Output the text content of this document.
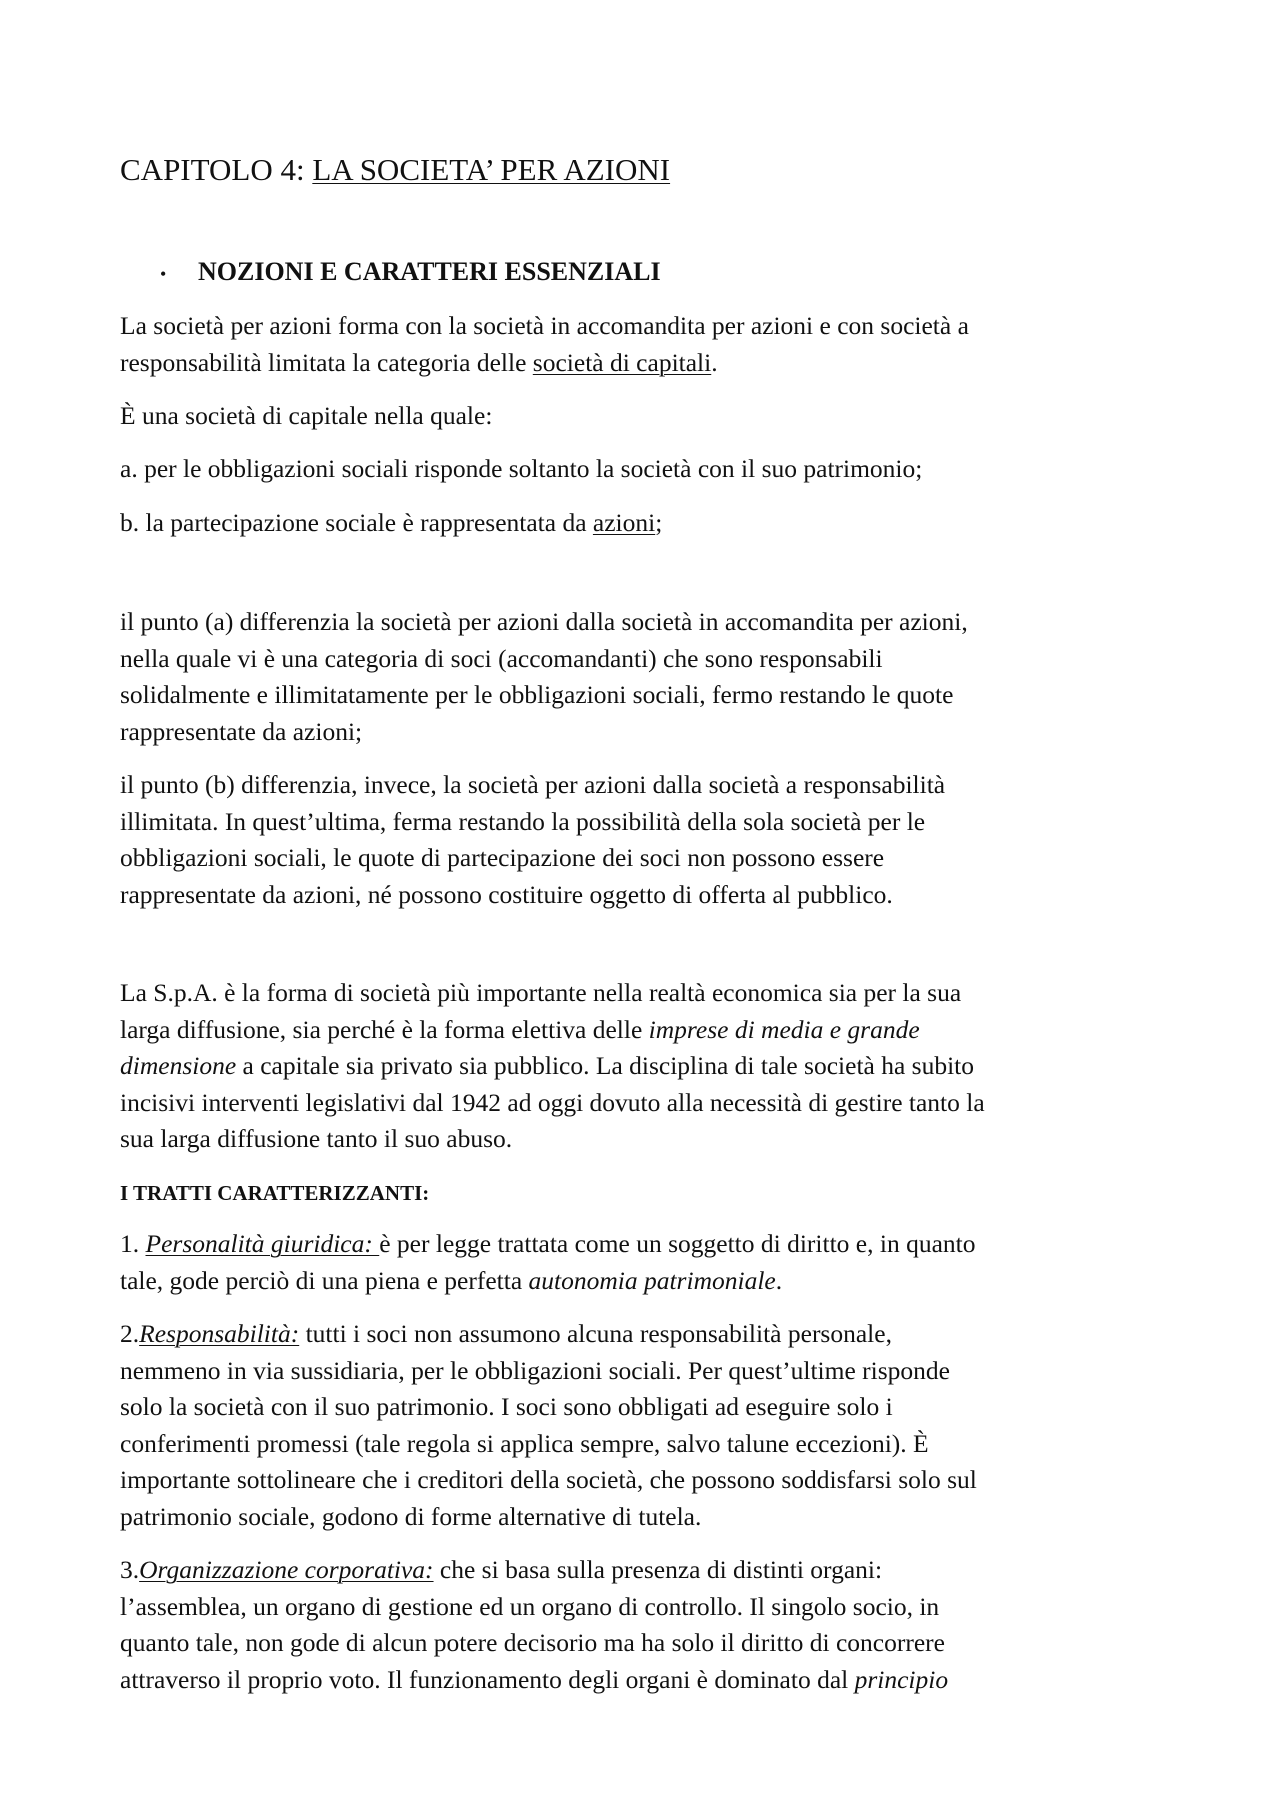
CAPITOLO 4: LA SOCIETA’ PER AZIONI
• NOZIONI E CARATTERI ESSENZIALI
La società per azioni forma con la società in accomandita per azioni e con società a
responsabilità limitata la categoria delle società di capitali.
È una società di capitale nella quale:
a. per le obbligazioni sociali risponde soltanto la società con il suo patrimonio;
b. la partecipazione sociale è rappresentata da azioni;
il punto (a) differenzia la società per azioni dalla società in accomandita per azioni,
nella quale vi è una categoria di soci (accomandanti) che sono responsabili
solidalmente e illimitatamente per le obbligazioni sociali, fermo restando le quote
rappresentate da azioni;
il punto (b) differenzia, invece, la società per azioni dalla società a responsabilità
illimitata. In quest’ultima, ferma restando la possibilità della sola società per le
obbligazioni sociali, le quote di partecipazione dei soci non possono essere
rappresentate da azioni, né possono costituire oggetto di offerta al pubblico.
La S.p.A. è la forma di società più importante nella realtà economica sia per la sua
larga diffusione, sia perché è la forma elettiva delle imprese di media e grande
dimensione a capitale sia privato sia pubblico. La disciplina di tale società ha subito
incisivi interventi legislativi dal 1942 ad oggi dovuto alla necessità di gestire tanto la
sua larga diffusione tanto il suo abuso.
I TRATTI CARATTERIZZANTI:
1. Personalità giuridica: è per legge trattata come un soggetto di diritto e, in quanto
tale, gode perciò di una piena e perfetta autonomia patrimoniale.
2.Responsabilità: tutti i soci non assumono alcuna responsabilità personale,
nemmeno in via sussidiaria, per le obbligazioni sociali. Per quest’ultime risponde
solo la società con il suo patrimonio. I soci sono obbligati ad eseguire solo i
conferimenti promessi (tale regola si applica sempre, salvo talune eccezioni). È
importante sottolineare che i creditori della società, che possono soddisfarsi solo sul
patrimonio sociale, godono di forme alternative di tutela.
3.Organizzazione corporativa: che si basa sulla presenza di distinti organi:
l’assemblea, un organo di gestione ed un organo di controllo. Il singolo socio, in
quanto tale, non gode di alcun potere decisorio ma ha solo il diritto di concorrere
attraverso il proprio voto. Il funzionamento degli organi è dominato dal principio
